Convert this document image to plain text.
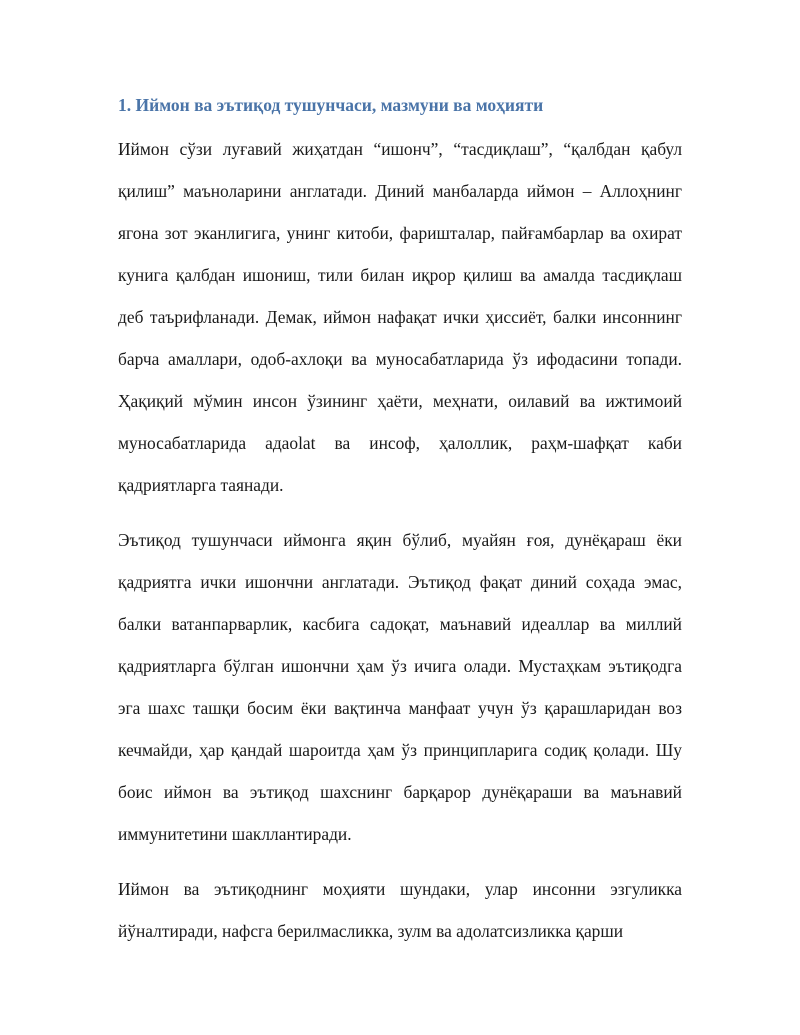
1. Иймон ва эътиқод тушунчаси, мазмуни ва моҳияти

Иймон сўзи луғавий жиҳатдан “ишонч”, “тасдиқлаш”, “қалбдан қабул қилиш” маъноларини англатади. Диний манбаларда иймон – Аллоҳнинг ягона зот эканлигига, унинг китоби, фаришталар, пайғамбарлар ва охират кунига қалбдан ишониш, тили билан иқрор қилиш ва амалда тасдиқлаш деб таърифланади. Демак, иймон нафақат ички ҳиссиёт, балки инсоннинг барча амаллари, одоб-ахлоқи ва муносабатларида ўз ифодасини топади. Ҳақиқий мўмин инсон ўзининг ҳаёти, меҳнати, оилавий ва ижтимоий муносабатларида адаolat ва инсоф, ҳалоллик, раҳм-шафқат каби қадриятларга таянади.

Эътиқод тушунчаси иймонга яқин бўлиб, муайян ғоя, дунёқараш ёки қадриятга ички ишончни англатади. Эътиқод фақат диний соҳада эмас, балки ватанпарварлик, касбига садоқат, маънавий идеаллар ва миллий қадриятларга бўлган ишончни ҳам ўз ичига олади. Мустаҳкам эътиқодга эга шахс ташқи босим ёки вақтинча манфаат учун ўз қарашларидан воз кечмайди, ҳар қандай шароитда ҳам ўз принципларига содиқ қолади. Шу боис иймон ва эътиқод шахснинг барқарор дунёқараши ва маънавий иммунитетини шакллантиради.

Иймон ва эътиқоднинг моҳияти шундаки, улар инсонни эзгуликка йўналтиради, нафсга берилмасликка, зулм ва адолатсизликка қарши
